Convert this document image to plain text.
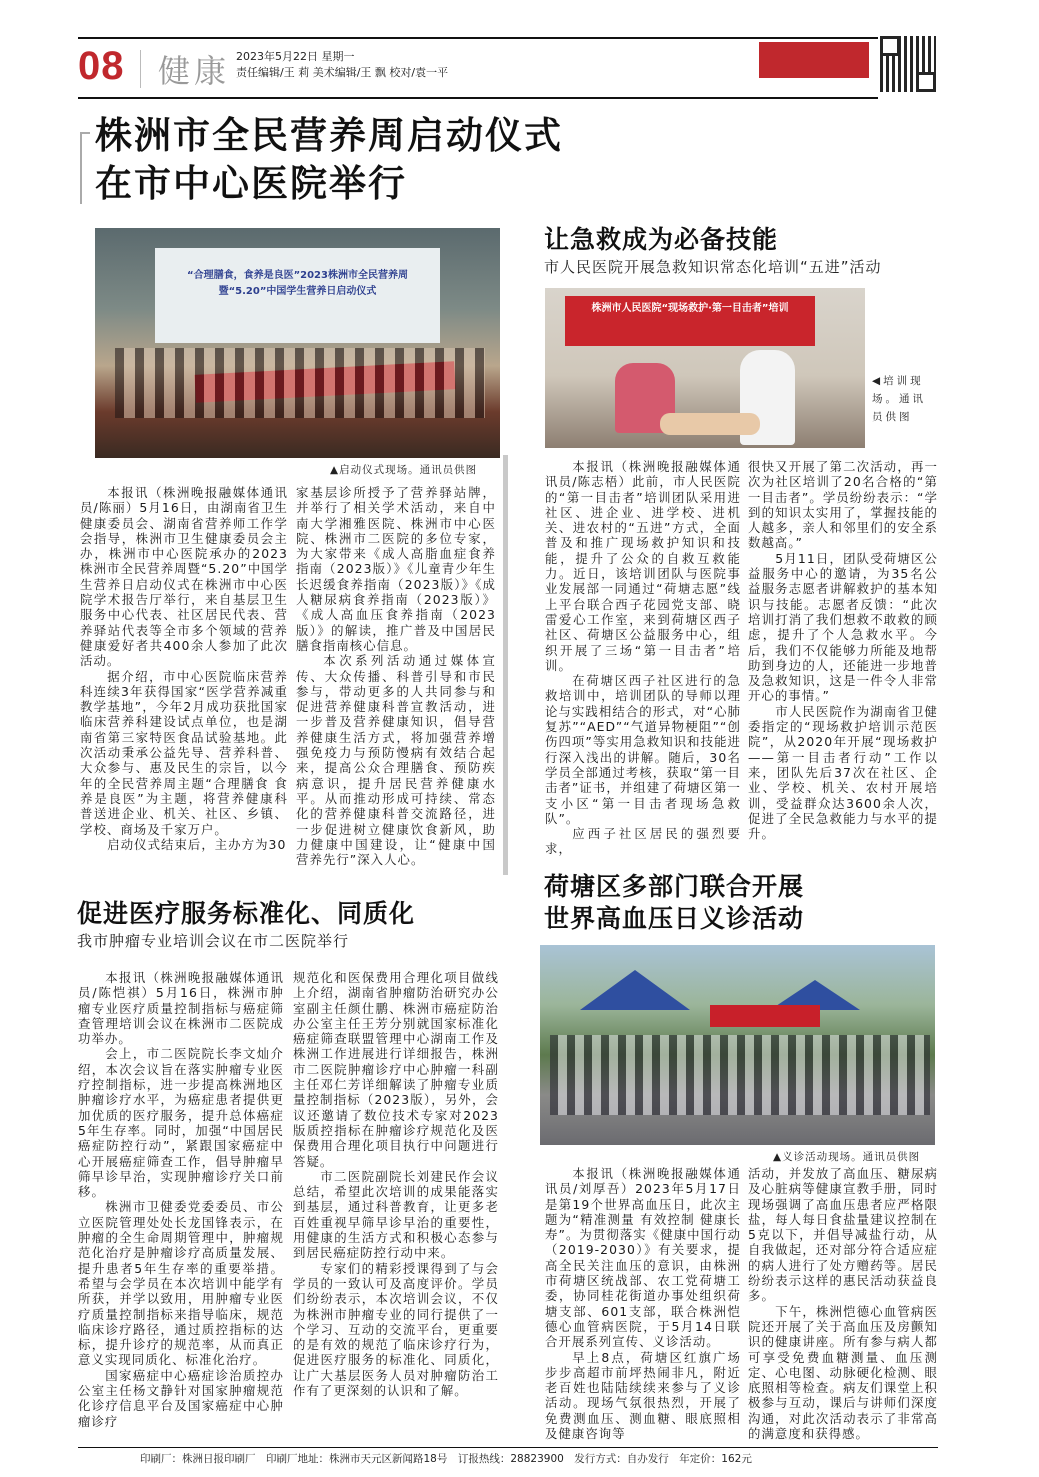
08 健康 2023年5月22日 星期一
责任编辑/王 莉 美术编辑/王 飘 校对/袁一平
株洲市全民营养周启动仪式
在市中心医院举行
“合理膳食，食养是良医”2023株洲市全民营养周暨“5.20”中国学生营养日启动仪式
▲启动仪式现场。通讯员供图

本报讯（株洲晚报融媒体通讯员/陈丽）5月16日，由湖南省卫生健康委员会、湖南省营养师工作学会指导，株洲市卫生健康委员会主办，株洲市中心医院承办的2023株洲市全民营养周暨“5.20”中国学生营养日启动仪式在株洲市中心医院学术报告厅举行，来自基层卫生服务中心代表、社区居民代表、营养驿站代表等全市多个领域的营养健康爱好者共400余人参加了此次活动。

据介绍，市中心医院临床营养科连续3年获得国家“医学营养减重教学基地”，今年2月成功获批国家临床营养科建设试点单位，也是湖南省第三家特医食品试验基地。此次活动秉承公益先导、营养科普、大众参与、惠及民生的宗旨，以今年的全民营养周主题“合理膳食 食养是良医”为主题，将营养健康科普送进企业、机关、社区、乡镇、学校、商场及千家万户。

启动仪式结束后，主办方为30

家基层诊所授予了营养驿站牌，并举行了相关学术活动，来自中南大学湘雅医院、株洲市中心医院、株洲市二医院的多位专家，为大家带来《成人高脂血症食养指南（2023版）》《儿童青少年生长迟缓食养指南（2023版）》《成人糖尿病食养指南（2023版）》《成人高血压食养指南（2023版）》的解读，推广普及中国居民膳食指南核心信息。

本次系列活动通过媒体宣传、大众传播、科普引导和市民参与，带动更多的人共同参与和促进营养健康科普宣教活动，进一步普及营养健康知识，倡导营养健康生活方式，将加强营养增强免疫力与预防慢病有效结合起来，提高公众合理膳食、预防疾病意识，提升居民营养健康水平。从而推动形成可持续、常态化的营养健康科普交流路径，进一步促进树立健康饮食新风，助力健康中国建设，让“健康中国 营养先行”深入人心。

让急救成为必备技能
市人民医院开展急救知识常态化培训“五进”活动
株洲市人民医院“现场救护·第一目击者”培训
◀培训现场。通讯员供图

本报讯（株洲晚报融媒体通讯员/陈志梧）此前，市人民医院的“第一目击者”培训团队采用进社区、进企业、进学校、进机关、进农村的“五进”方式，全面普及和推广现场救护知识和技能，提升了公众的自救互救能力。近日，该培训团队与医院事业发展部一同通过“荷塘志愿”线上平台联合西子花园党支部、晓雷爱心工作室，来到荷塘区西子社区、荷塘区公益服务中心，组织开展了三场“第一目击者”培训。

在荷塘区西子社区进行的急救培训中，培训团队的导师以理论与实践相结合的形式，对“心肺复苏”“AED”“气道异物梗阻”“创伤四项”等实用急救知识和技能进行深入浅出的讲解。随后，30名学员全部通过考核，获取“第一目击者”证书，并组建了荷塘区第一支小区“第一目击者现场急救队”。

应西子社区居民的强烈要求，

很快又开展了第二次活动，再一次为社区培训了20名合格的“第一目击者”。学员纷纷表示：“学到的知识太实用了，掌握技能的人越多，亲人和邻里们的安全系数越高。”

5月11日，团队受荷塘区公益服务中心的邀请，为35名公益服务志愿者讲解救护的基本知识与技能。志愿者反馈：“此次培训打消了我们想救不敢救的顾虑，提升了个人急救水平。今后，我们不仅能够力所能及地帮助到身边的人，还能进一步地普及急救知识，这是一件令人非常开心的事情。”

市人民医院作为湖南省卫健委指定的“现场救护培训示范医院”，从2020年开展“现场救护——第一目击者行动”工作以来，团队先后37次在社区、企业、学校、机关、农村开展培训，受益群众达3600余人次，促进了全民急救能力与水平的提升。

荷塘区多部门联合开展
世界高血压日义诊活动
▲义诊活动现场。通讯员供图

本报讯（株洲晚报融媒体通讯员/刘厚吾）2023年5月17日是第19个世界高血压日，此次主题为“精准测量 有效控制 健康长寿”。为贯彻落实《健康中国行动（2019-2030）》有关要求，提高全民关注血压的意识，由株洲市荷塘区统战部、农工党荷塘工委，协同桂花街道办事处组织荷塘支部、601支部，联合株洲恺德心血管病医院，于5月14日联合开展系列宣传、义诊活动。

早上8点，荷塘区红旗广场步步高超市前坪热闹非凡，附近老百姓也陆陆续续来参与了义诊活动。现场气氛很热烈，开展了免费测血压、测血糖、眼底照相及健康咨询等

活动，并发放了高血压、糖尿病及心脏病等健康宣教手册，同时现场强调了高血压患者应严格限盐，每人每日食盐量建议控制在5克以下，并倡导减盐行动，从自我做起，还对部分符合适应症的病人进行了处方赠药等。居民纷纷表示这样的惠民活动获益良多。

下午，株洲恺德心血管病医院还开展了关于高血压及房颤知识的健康讲座。所有参与病人都可享受免费血糖测量、血压测定、心电图、动脉硬化检测、眼底照相等检查。病友们课堂上积极参与互动，课后与讲师们深度沟通，对此次活动表示了非常高的满意度和获得感。

促进医疗服务标准化、同质化
我市肿瘤专业培训会议在市二医院举行

本报讯（株洲晚报融媒体通讯员/陈恺祺）5月16日，株洲市肿瘤专业医疗质量控制指标与癌症筛查管理培训会议在株洲市二医院成功举办。

会上，市二医院院长李文灿介绍，本次会议旨在落实肿瘤专业医疗控制指标，进一步提高株洲地区肿瘤诊疗水平，为癌症患者提供更加优质的医疗服务，提升总体癌症5年生存率。同时，加强“中国居民癌症防控行动”，紧跟国家癌症中心开展癌症筛查工作，倡导肿瘤早筛早诊早治，实现肿瘤诊疗关口前移。

株洲市卫健委党委委员、市公立医院管理处处长龙国锋表示，在肿瘤的全生命周期管理中，肿瘤规范化治疗是肿瘤诊疗高质量发展、提升患者5年生存率的重要举措。希望与会学员在本次培训中能学有所获，并学以致用，用肿瘤专业医疗质量控制指标来指导临床，规范临床诊疗路径，通过质控指标的达标，提升诊疗的规范率，从而真正意义实现同质化、标准化治疗。

国家癌症中心癌症诊治质控办公室主任杨文静针对国家肿瘤规范化诊疗信息平台及国家癌症中心肿瘤诊疗

规范化和医保费用合理化项目做线上介绍，湖南省肿瘤防治研究办公室副主任颜仕鹏、株洲市癌症防治办公室主任王芳分别就国家标准化癌症筛查联盟管理中心湖南工作及株洲工作进展进行详细报告，株洲市二医院肿瘤诊疗中心肿瘤一科副主任邓仁芳详细解读了肿瘤专业质量控制指标（2023版），另外，会议还邀请了数位技术专家对2023版质控指标在肿瘤诊疗规范化及医保费用合理化项目执行中问题进行答疑。

市二医院副院长刘建民作会议总结，希望此次培训的成果能落实到基层，通过科普教育，让更多老百姓重视早筛早诊早治的重要性，用健康的生活方式和积极心态参与到居民癌症防控行动中来。

专家们的精彩授课得到了与会学员的一致认可及高度评价。学员们纷纷表示，本次培训会议，不仅为株洲市肿瘤专业的同行提供了一个学习、互动的交流平台，更重要的是有效的规范了临床诊疗行为，促进医疗服务的标准化、同质化，让广大基层医务人员对肿瘤防治工作有了更深刻的认识和了解。

印刷厂：株洲日报印刷厂　印刷厂地址：株洲市天元区新闻路18号　订报热线：28823900　发行方式：自办发行　年定价：162元
